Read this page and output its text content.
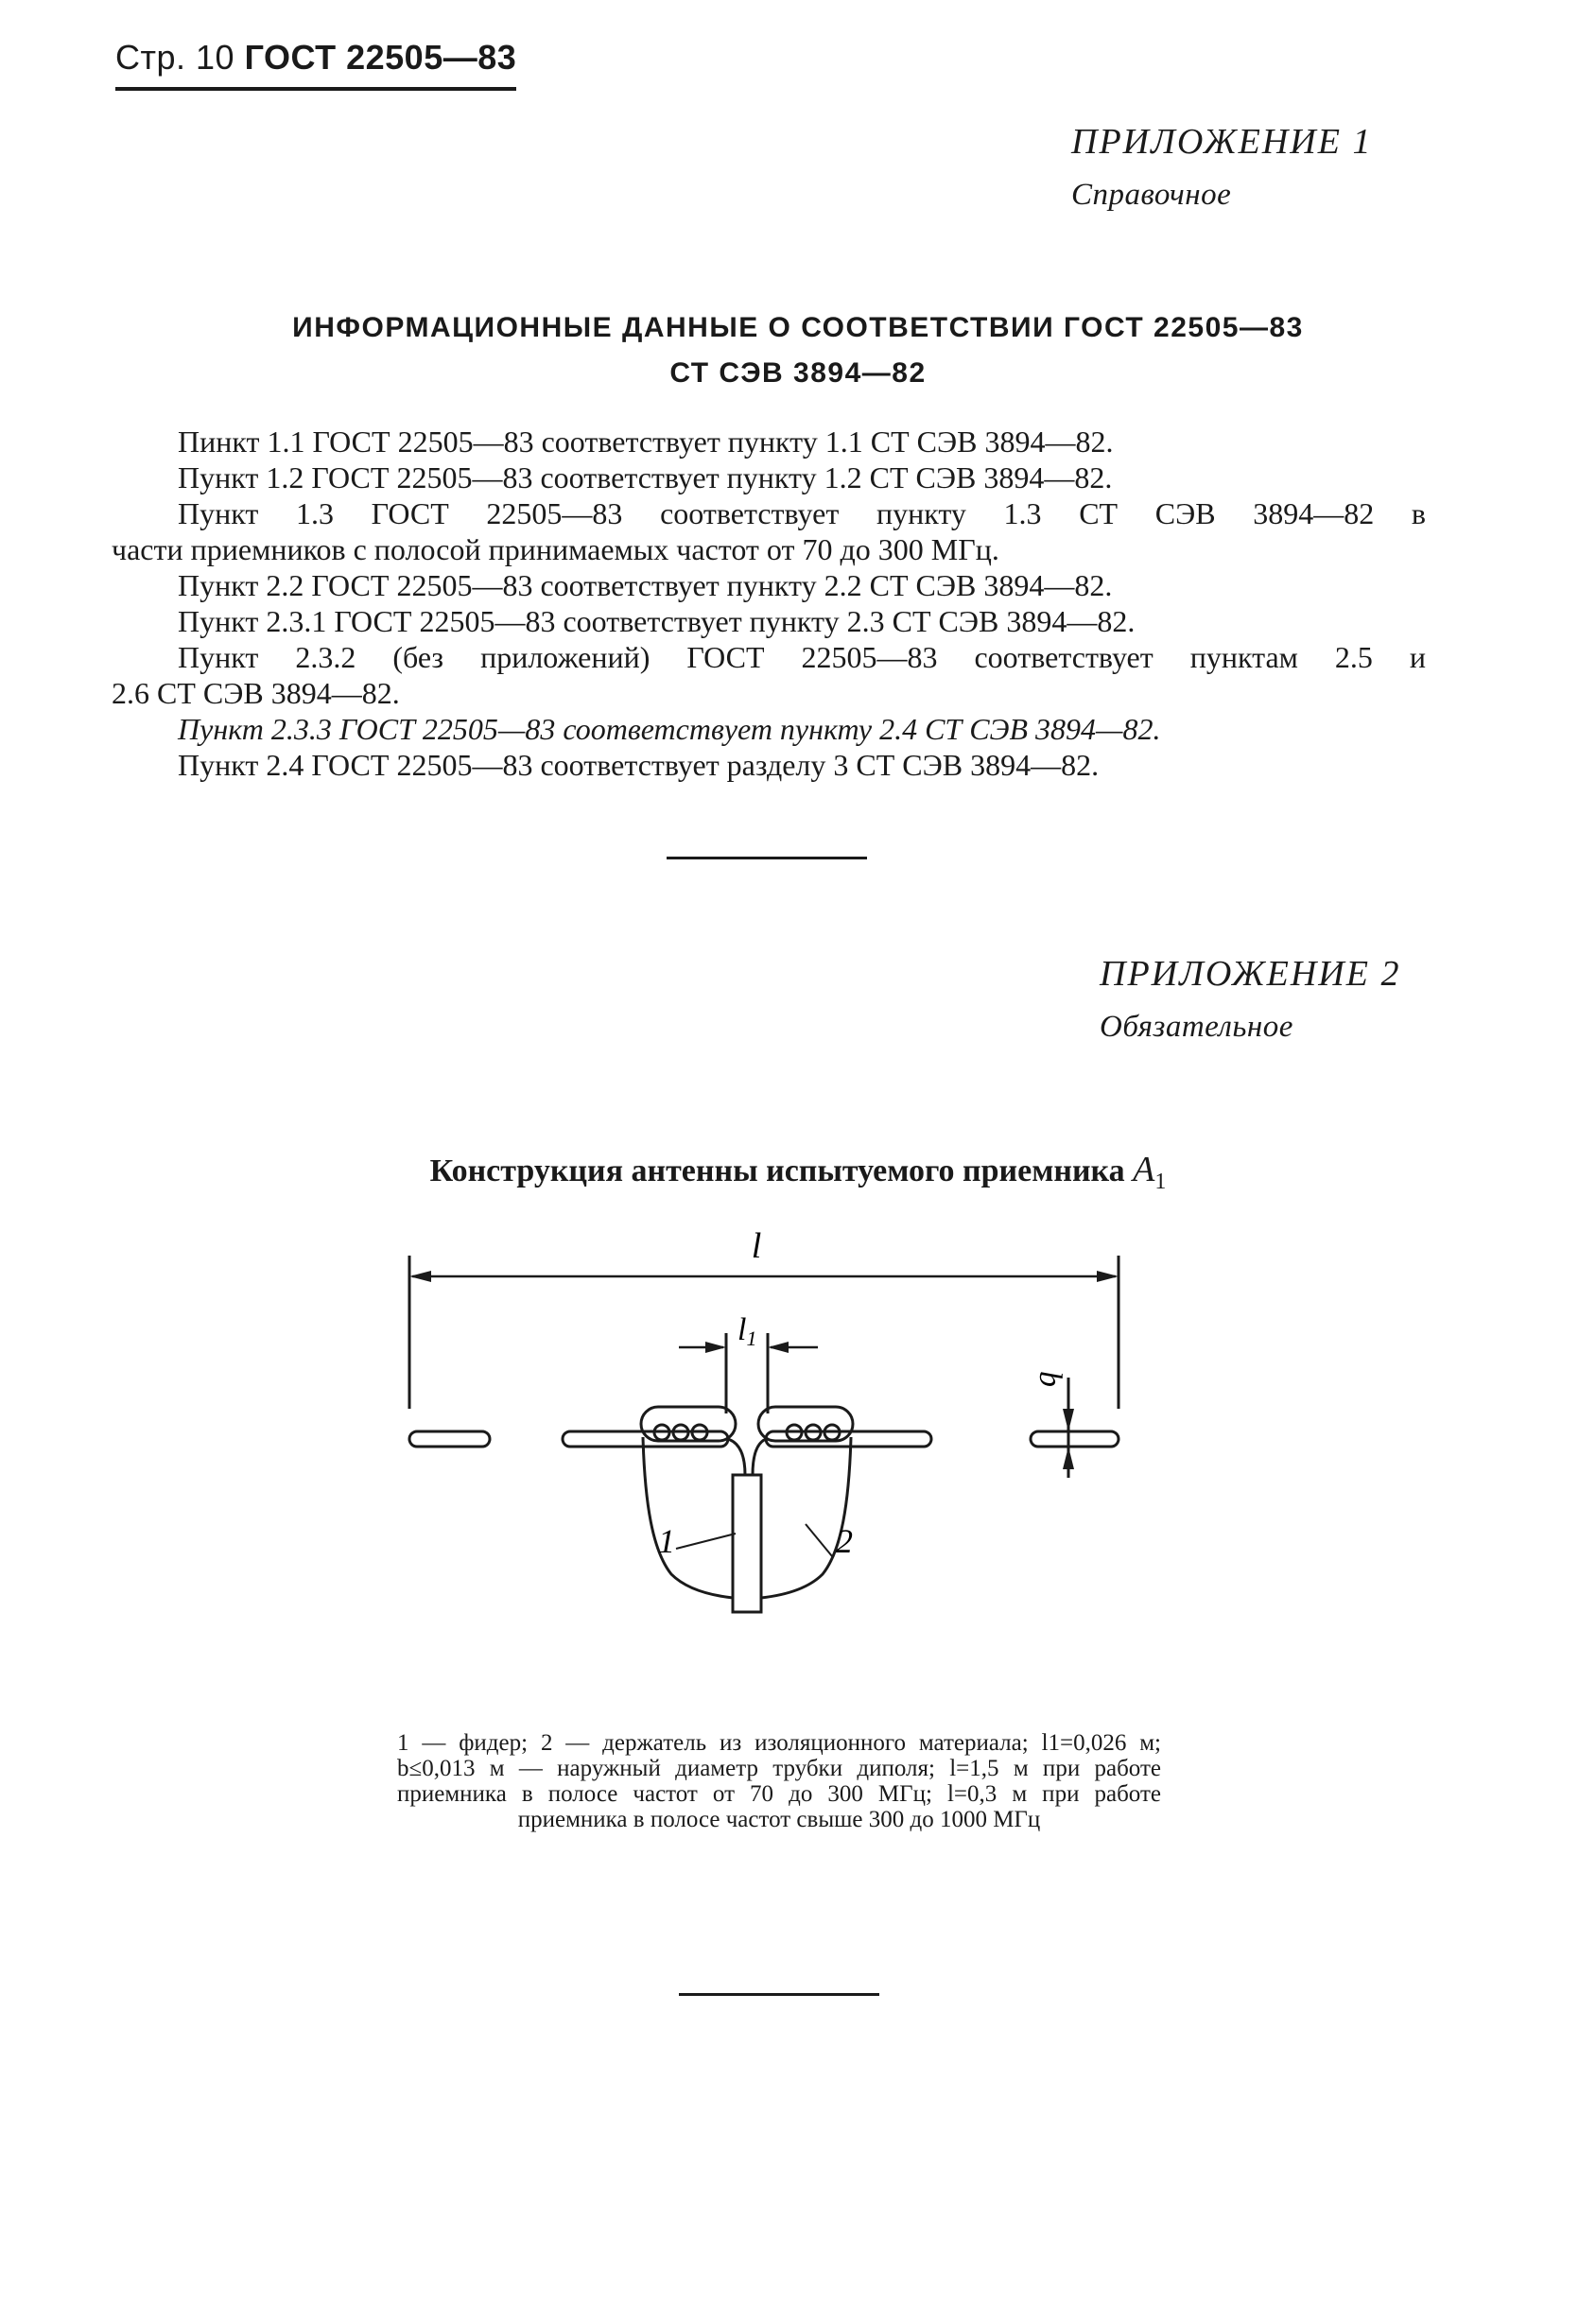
Стр. 10 ГОСТ 22505—83
ПРИЛОЖЕНИЕ 1
Справочное
ИНФОРМАЦИОННЫЕ ДАННЫЕ О СООТВЕТСТВИИ ГОСТ 22505—83
СТ СЭВ 3894—82
Пинкт 1.1 ГОСТ 22505—83 соответствует пункту 1.1 СТ СЭВ 3894—82.
Пункт 1.2 ГОСТ 22505—83 соответствует пункту 1.2 СТ СЭВ 3894—82.
Пункт 1.3 ГОСТ 22505—83 соответствует пункту 1.3 СТ СЭВ 3894—82 в
части приемников с полосой принимаемых частот от 70 до 300 МГц.
Пункт 2.2 ГОСТ 22505—83 соответствует пункту 2.2 СТ СЭВ 3894—82.
Пункт 2.3.1 ГОСТ 22505—83 соответствует пункту 2.3 СТ СЭВ 3894—82.
Пункт 2.3.2 (без приложений) ГОСТ 22505—83 соответствует пунктам 2.5 и
2.6 СТ СЭВ 3894—82.
Пункт 2.3.3 ГОСТ 22505—83 соответствует пункту 2.4 СТ СЭВ 3894—82.
Пункт 2.4 ГОСТ 22505—83 соответствует разделу 3 СТ СЭВ 3894—82.
ПРИЛОЖЕНИЕ 2
Обязательное
Конструкция антенны испытуемого приемника $A_1$
l
l1
b
1	2
1 — фидер; 2 — держатель из изоляционного материала; l1=0,026 м; b≤0,013 м — наружный диаметр трубки диполя; l=1,5 м при работе приемника в полосе частот от 70 до 300 МГц; l=0,3 м при работе приемника в полосе частот свыше 300 до 1000 МГц
